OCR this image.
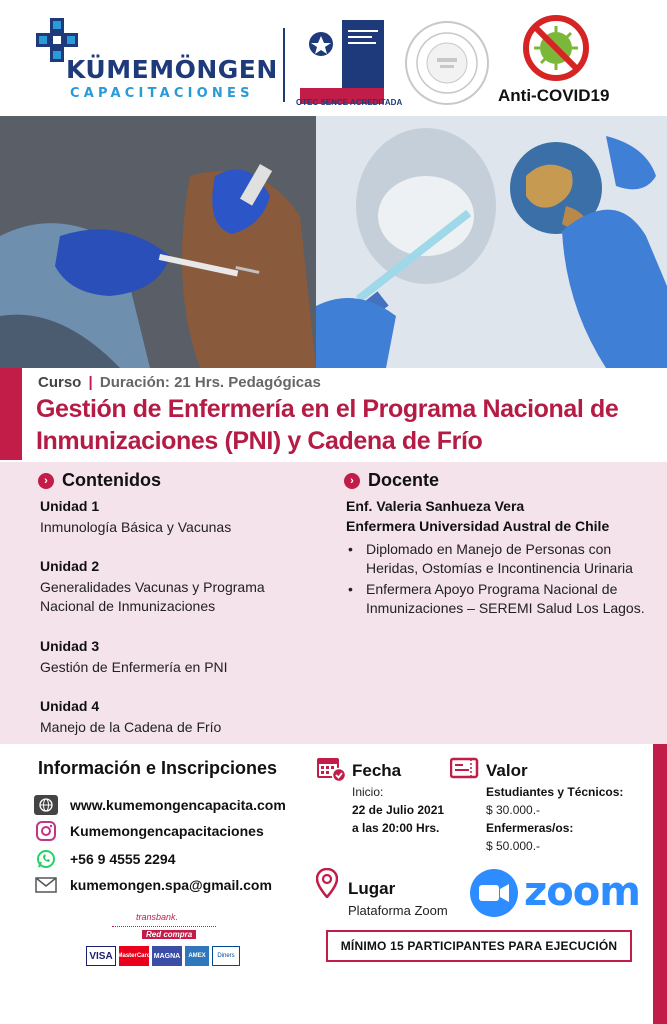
KÜMEMÖNGEN
CAPACITACIONES
OTEC SENCE ACREDITADA	Anti-COVID19
Curso | Duración: 21 Hrs. Pedagógicas
Gestión de Enfermería en el Programa Nacional de
Inmunizaciones (PNI) y Cadena de Frío
› Contenidos
Unidad 1
Inmunología Básica y Vacunas
Unidad 2
Generalidades Vacunas y Programa Nacional de Inmunizaciones
Unidad 3
Gestión de Enfermería en PNI
Unidad 4
Manejo de la Cadena de Frío
› Docente
Enf. Valeria Sanhueza Vera
Enfermera Universidad Austral de Chile
• Diplomado en Manejo de Personas con Heridas, Ostomías e Incontinencia Urinaria
• Enfermera Apoyo Programa Nacional de Inmunizaciones – SEREMI Salud Los Lagos.
Información e Inscripciones
www.kumemongencapacita.com
Kumemongencapacitaciones
+56 9 4555 2294
kumemongen.spa@gmail.com
transbank.
Red compra
VISA MasterCard MAGNA	AMEX	Diners
Fecha
Inicio:
22 de Julio 2021
a las 20:00 Hrs.
Valor
Estudiantes y Técnicos:
$ 30.000.-
Enfermeras/os:
$ 50.000.-
Lugar
Plataforma Zoom zoom
MÍNIMO 15 PARTICIPANTES PARA EJECUCIÓN
